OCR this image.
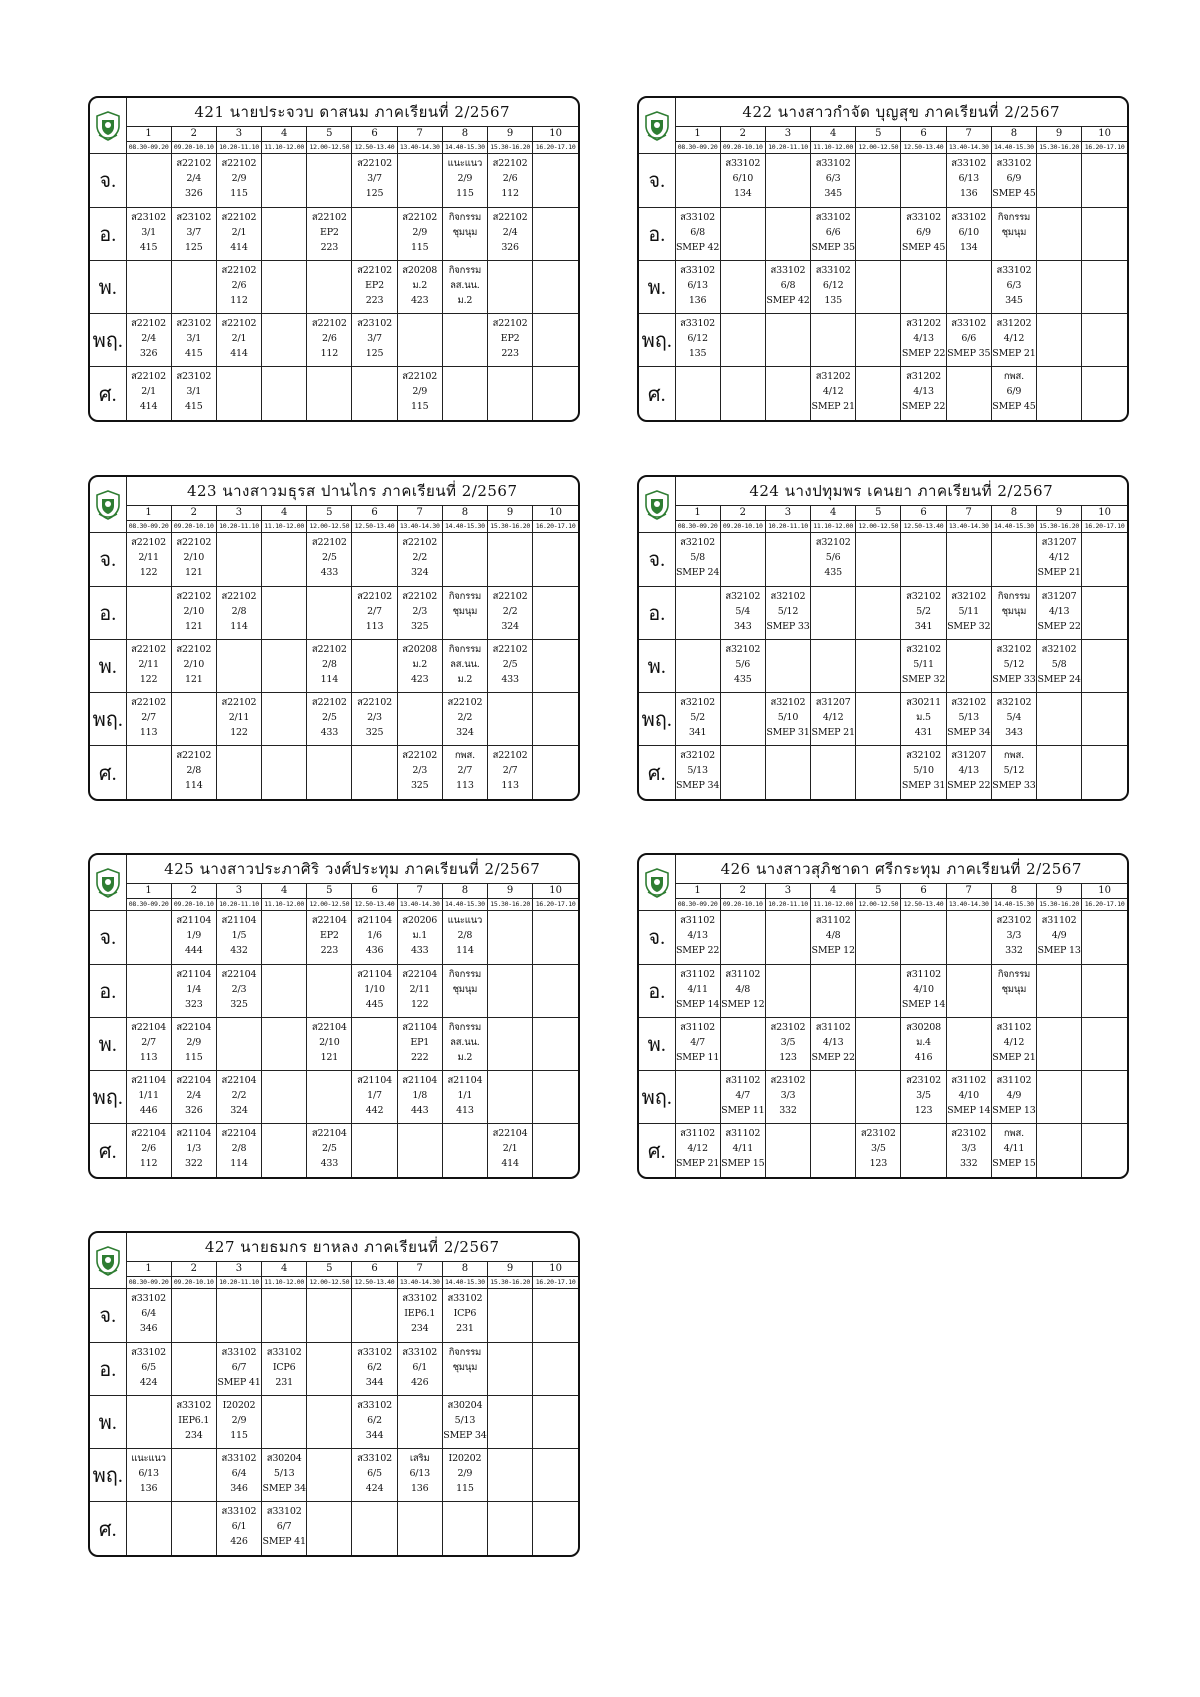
	421 นายประจวบ ดาสนม ภาคเรียนที่ 2/2567									
	1	2	3	4	5	6	7	8	9	10
	08.30-09.20	09.20-10.10	10.20-11.10	11.10-12.00	12.00-12.50	12.50-13.40	13.40-14.30	14.40-15.30	15.30-16.20	16.20-17.10
จ.		ส22102
2/4
326	ส22102
2/9
115			ส22102
3/7
125		แนะแนว
2/9
115	ส22102
2/6
112	

อ.	ส23102
3/1
415	ส23102
3/7
125	ส22102
2/1
414		ส22102
EP2
223		ส22102
2/9
115	กิจกรรม
ชุมนุม	ส22102
2/4
326	

พ.			ส22102
2/6
112			ส22102
EP2
223	ส20208
ม.2
423	กิจกรรม
ลส.นน.
ม.2		

พฤ.	ส22102
2/4
326	ส23102
3/1
415	ส22102
2/1
414		ส22102
2/6
112	ส23102
3/7
125			ส22102
EP2
223	

ศ.	ส22102
2/1
414	ส23102
3/1
415					ส22102
2/9
115			

	422 นางสาวกำจัด บุญสุข ภาคเรียนที่ 2/2567									
	1	2	3	4	5	6	7	8	9	10
	08.30-09.20	09.20-10.10	10.20-11.10	11.10-12.00	12.00-12.50	12.50-13.40	13.40-14.30	14.40-15.30	15.30-16.20	16.20-17.10
จ.		ส33102
6/10
134		ส33102
6/3
345			ส33102
6/13
136	ส33102
6/9
SMEP 45		

อ.	ส33102
6/8
SMEP 42			ส33102
6/6
SMEP 35		ส33102
6/9
SMEP 45	ส33102
6/10
134	กิจกรรม
ชุมนุม		

พ.	ส33102
6/13
136		ส33102
6/8
SMEP 42	ส33102
6/12
135				ส33102
6/3
345		

พฤ.	ส33102
6/12
135					ส31202
4/13
SMEP 22	ส33102
6/6
SMEP 35	ส31202
4/12
SMEP 21		

ศ.				ส31202
4/12
SMEP 21		ส31202
4/13
SMEP 22		กพส.
6/9
SMEP 45		

	423 นางสาวมธุรส ปานไกร ภาคเรียนที่ 2/2567									
	1	2	3	4	5	6	7	8	9	10
	08.30-09.20	09.20-10.10	10.20-11.10	11.10-12.00	12.00-12.50	12.50-13.40	13.40-14.30	14.40-15.30	15.30-16.20	16.20-17.10
จ.	ส22102
2/11
122	ส22102
2/10
121			ส22102
2/5
433		ส22102
2/2
324			

อ.		ส22102
2/10
121	ส22102
2/8
114			ส22102
2/7
113	ส22102
2/3
325	กิจกรรม
ชุมนุม	ส22102
2/2
324	

พ.	ส22102
2/11
122	ส22102
2/10
121			ส22102
2/8
114		ส20208
ม.2
423	กิจกรรม
ลส.นน.
ม.2	ส22102
2/5
433	

พฤ.	ส22102
2/7
113		ส22102
2/11
122		ส22102
2/5
433	ส22102
2/3
325		ส22102
2/2
324		

ศ.		ส22102
2/8
114					ส22102
2/3
325	กพส.
2/7
113	ส22102
2/7
113	

	424 นางปทุมพร เคนยา ภาคเรียนที่ 2/2567									
	1	2	3	4	5	6	7	8	9	10
	08.30-09.20	09.20-10.10	10.20-11.10	11.10-12.00	12.00-12.50	12.50-13.40	13.40-14.30	14.40-15.30	15.30-16.20	16.20-17.10
จ.	ส32102
5/8
SMEP 24			ส32102
5/6
435					ส31207
4/12
SMEP 21	

อ.		ส32102
5/4
343	ส32102
5/12
SMEP 33			ส32102
5/2
341	ส32102
5/11
SMEP 32	กิจกรรม
ชุมนุม	ส31207
4/13
SMEP 22	

พ.		ส32102
5/6
435				ส32102
5/11
SMEP 32		ส32102
5/12
SMEP 33	ส32102
5/8
SMEP 24	

พฤ.	ส32102
5/2
341		ส32102
5/10
SMEP 31	ส31207
4/12
SMEP 21		ส30211
ม.5
431	ส32102
5/13
SMEP 34	ส32102
5/4
343		

ศ.	ส32102
5/13
SMEP 34					ส32102
5/10
SMEP 31	ส31207
4/13
SMEP 22	กพส.
5/12
SMEP 33		

	425 นางสาวประภาศิริ วงศ์ประทุม ภาคเรียนที่ 2/2567									
	1	2	3	4	5	6	7	8	9	10
	08.30-09.20	09.20-10.10	10.20-11.10	11.10-12.00	12.00-12.50	12.50-13.40	13.40-14.30	14.40-15.30	15.30-16.20	16.20-17.10
จ.		ส21104
1/9
444	ส21104
1/5
432		ส22104
EP2
223	ส21104
1/6
436	ส20206
ม.1
433	แนะแนว
2/8
114		

อ.		ส21104
1/4
323	ส22104
2/3
325			ส21104
1/10
445	ส22104
2/11
122	กิจกรรม
ชุมนุม		

พ.	ส22104
2/7
113	ส22104
2/9
115			ส22104
2/10
121		ส21104
EP1
222	กิจกรรม
ลส.นน.
ม.2		

พฤ.	ส21104
1/11
446	ส22104
2/4
326	ส22104
2/2
324			ส21104
1/7
442	ส21104
1/8
443	ส21104
1/1
413		

ศ.	ส22104
2/6
112	ส21104
1/3
322	ส22104
2/8
114		ส22104
2/5
433				ส22104
2/1
414	

	426 นางสาวสุภิชาดา ศรีกระทุม ภาคเรียนที่ 2/2567									
	1	2	3	4	5	6	7	8	9	10
	08.30-09.20	09.20-10.10	10.20-11.10	11.10-12.00	12.00-12.50	12.50-13.40	13.40-14.30	14.40-15.30	15.30-16.20	16.20-17.10
จ.	ส31102
4/13
SMEP 22			ส31102
4/8
SMEP 12				ส23102
3/3
332	ส31102
4/9
SMEP 13	

อ.	ส31102
4/11
SMEP 14	ส31102
4/8
SMEP 12				ส31102
4/10
SMEP 14		กิจกรรม
ชุมนุม		

พ.	ส31102
4/7
SMEP 11		ส23102
3/5
123	ส31102
4/13
SMEP 22		ส30208
ม.4
416		ส31102
4/12
SMEP 21		

พฤ.		ส31102
4/7
SMEP 11	ส23102
3/3
332			ส23102
3/5
123	ส31102
4/10
SMEP 14	ส31102
4/9
SMEP 13		

ศ.	ส31102
4/12
SMEP 21	ส31102
4/11
SMEP 15			ส23102
3/5
123		ส23102
3/3
332	กพส.
4/11
SMEP 15		

	427 นายธมกร ยาหลง ภาคเรียนที่ 2/2567									
	1	2	3	4	5	6	7	8	9	10
	08.30-09.20	09.20-10.10	10.20-11.10	11.10-12.00	12.00-12.50	12.50-13.40	13.40-14.30	14.40-15.30	15.30-16.20	16.20-17.10
จ.	ส33102
6/4
346						ส33102
IEP6.1
234	ส33102
ICP6
231		

อ.	ส33102
6/5
424		ส33102
6/7
SMEP 41	ส33102
ICP6
231		ส33102
6/2
344	ส33102
6/1
426	กิจกรรม
ชุมนุม		

พ.		ส33102
IEP6.1
234	I20202
2/9
115			ส33102
6/2
344		ส30204
5/13
SMEP 34		

พฤ.	แนะแนว
6/13
136		ส33102
6/4
346	ส30204
5/13
SMEP 34		ส33102
6/5
424	เสริม
6/13
136	I20202
2/9
115		

ศ.			ส33102
6/1
426	ส33102
6/7
SMEP 41						
